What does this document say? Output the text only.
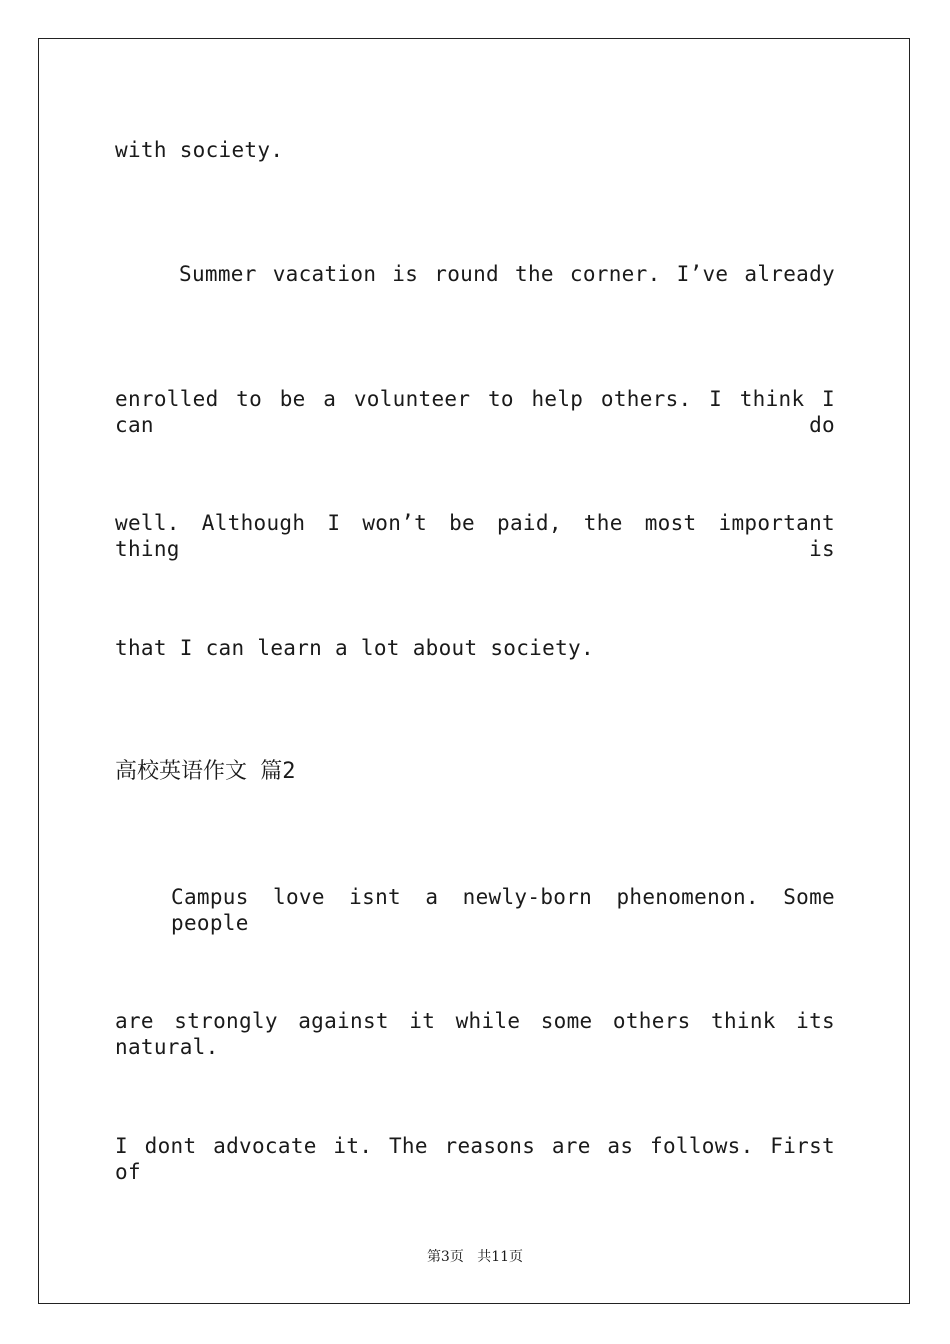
with society.
Summer vacation is round the corner. I’ve already
enrolled to be a volunteer to help others. I think I can do
well. Although I won’t be paid, the most important thing is
that I can learn a lot about society.
高校英语作文 篇2
Campus love isnt a newly-born phenomenon. Some people
are strongly against it while some others think its natural.
I dont advocate it. The reasons are as follows. First of
第3页 共11页
